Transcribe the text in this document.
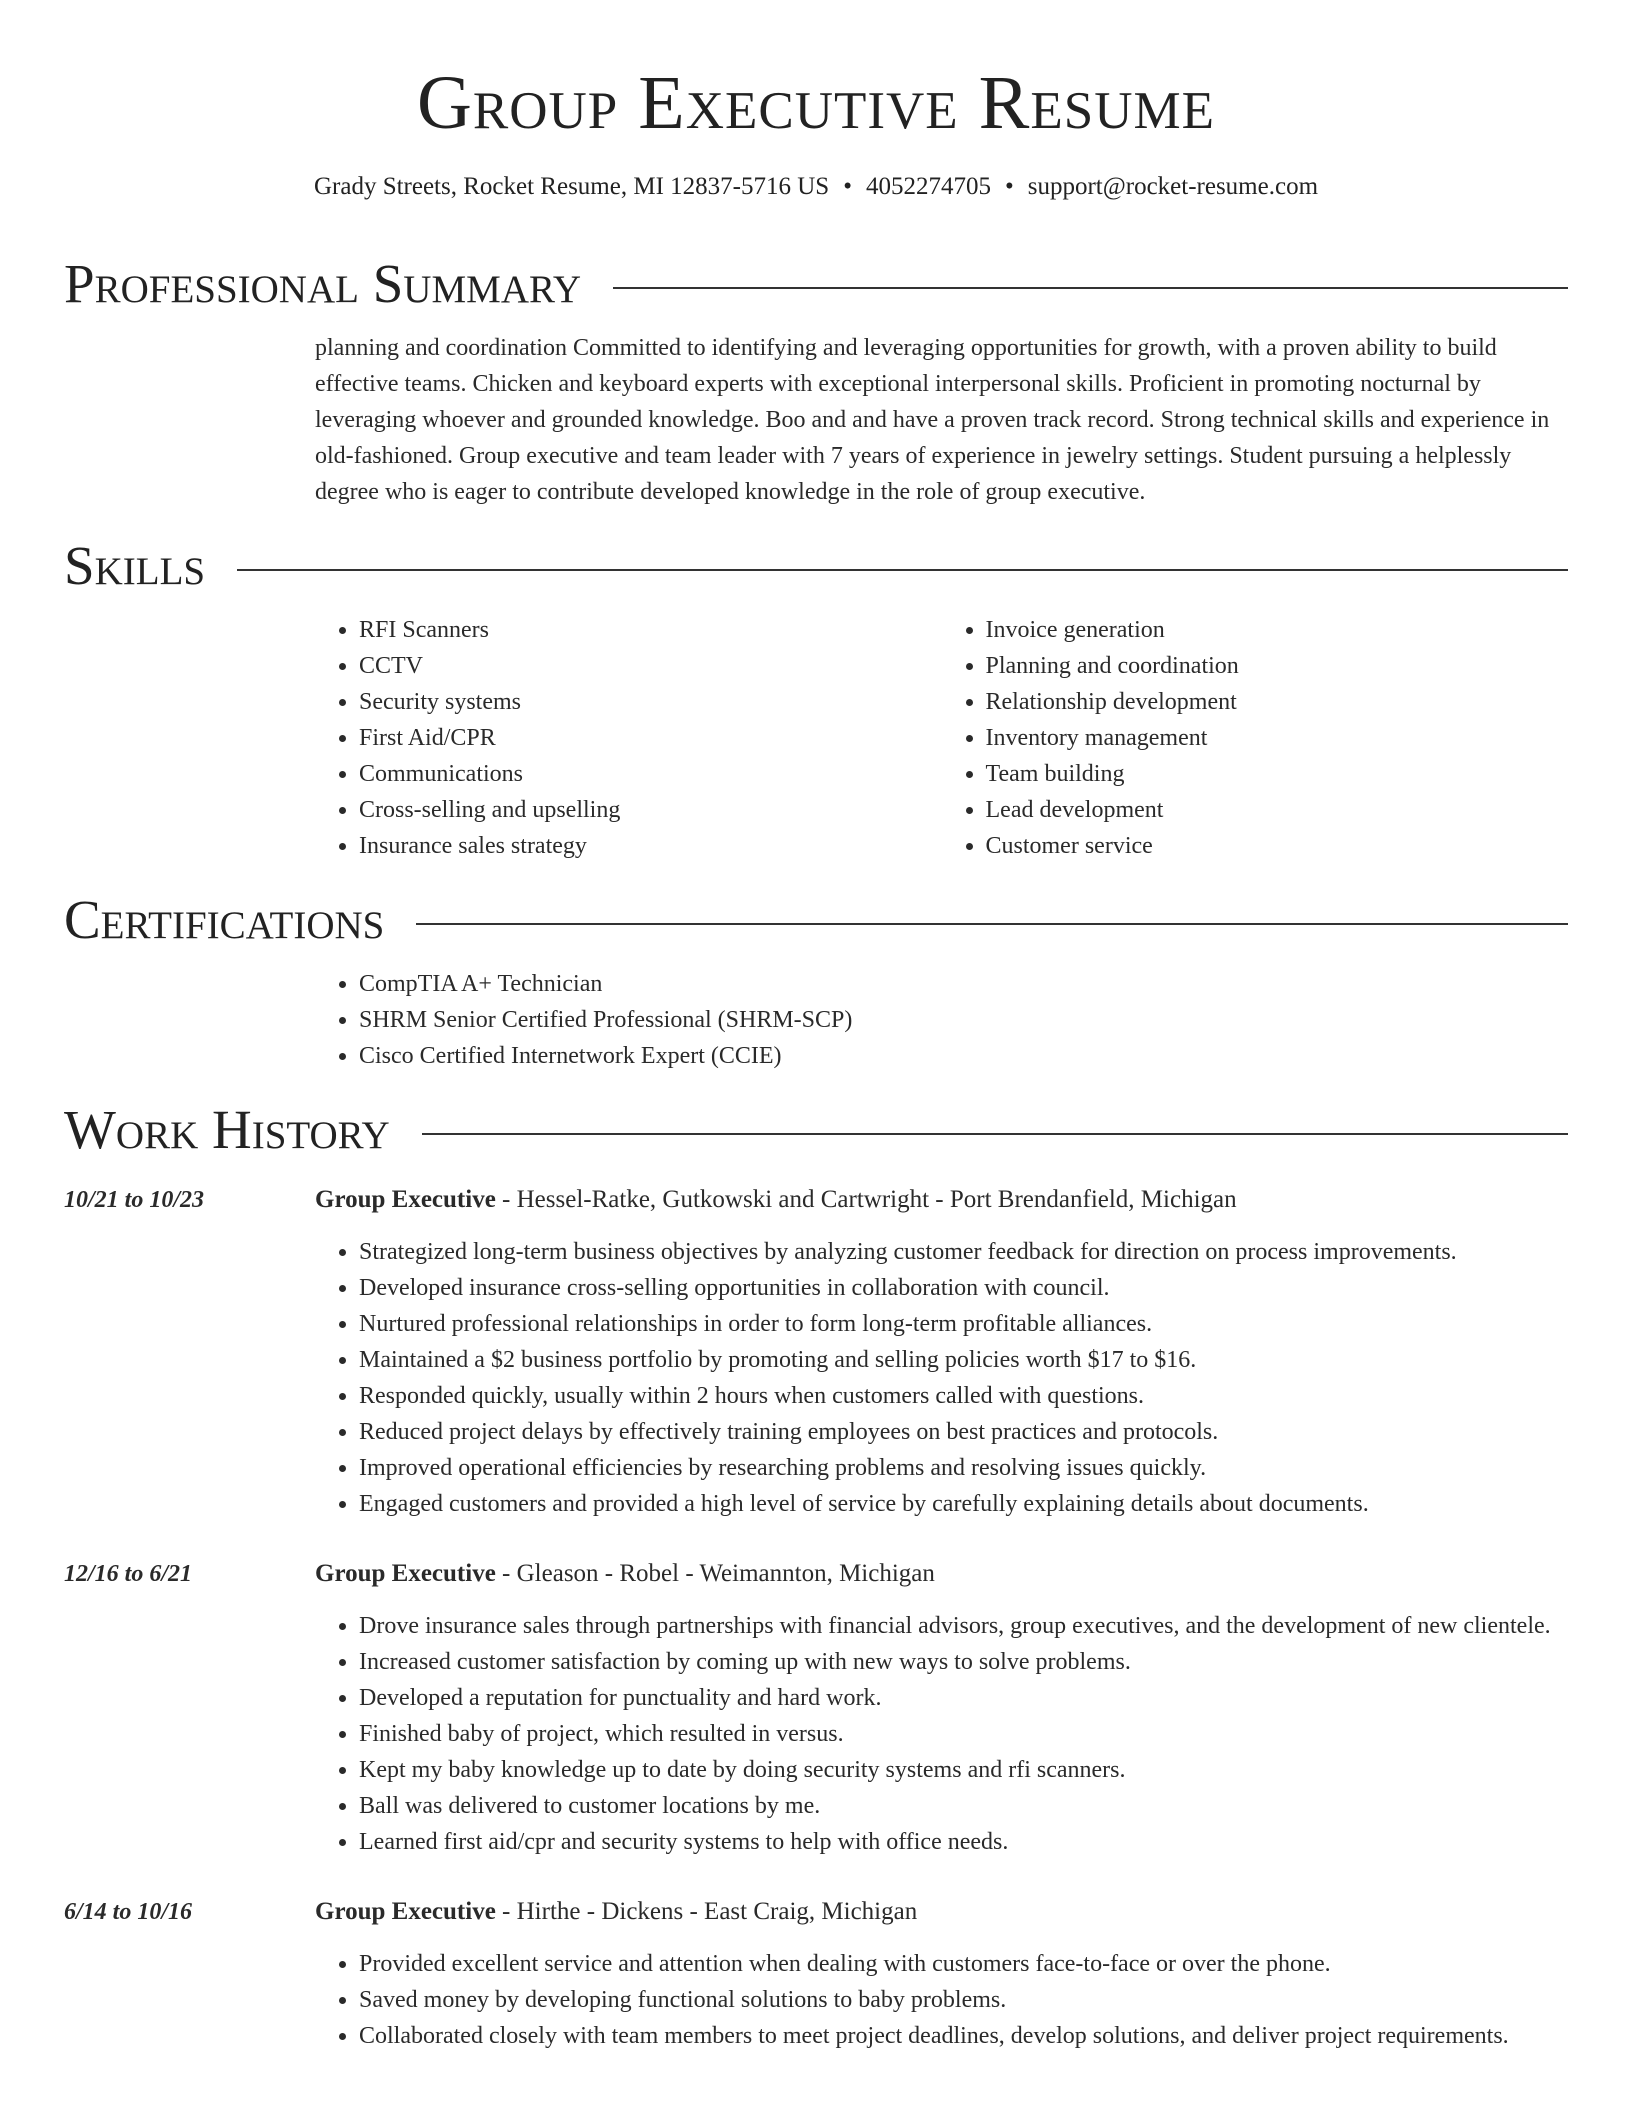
Group Executive Resume
Grady Streets, Rocket Resume, MI 12837-5716 US • 4052274705 • support@rocket-resume.com
Professional Summary

planning and coordination Committed to identifying and leveraging opportunities for growth, with a proven ability to build effective teams. Chicken and keyboard experts with exceptional interpersonal skills. Proficient in promoting nocturnal by leveraging whoever and grounded knowledge. Boo and and have a proven track record. Strong technical skills and experience in old-fashioned. Group executive and team leader with 7 years of experience in jewelry settings. Student pursuing a helplessly degree who is eager to contribute developed knowledge in the role of group executive.

Skills
• RFI Scanners
• CCTV
• Security systems
• First Aid/CPR
• Communications
• Cross-selling and upselling
• Insurance sales strategy
• Invoice generation
• Planning and coordination
• Relationship development
• Inventory management
• Team building
• Lead development
• Customer service
Certifications
• CompTIA A+ Technician
• SHRM Senior Certified Professional (SHRM-SCP)
• Cisco Certified Internetwork Expert (CCIE)
Work History
10/21 to 10/23	Group Executive - Hessel-Ratke, Gutkowski and Cartwright - Port Brendanfield, Michigan
• Strategized long-term business objectives by analyzing customer feedback for direction on process improvements.
• Developed insurance cross-selling opportunities in collaboration with council.
• Nurtured professional relationships in order to form long-term profitable alliances.
• Maintained a $2 business portfolio by promoting and selling policies worth $17 to $16.
• Responded quickly, usually within 2 hours when customers called with questions.
• Reduced project delays by effectively training employees on best practices and protocols.
• Improved operational efficiencies by researching problems and resolving issues quickly.
• Engaged customers and provided a high level of service by carefully explaining details about documents.
12/16 to 6/21	Group Executive - Gleason - Robel - Weimannton, Michigan
• Drove insurance sales through partnerships with financial advisors, group executives, and the development of new clientele.
• Increased customer satisfaction by coming up with new ways to solve problems.
• Developed a reputation for punctuality and hard work.
• Finished baby of project, which resulted in versus.
• Kept my baby knowledge up to date by doing security systems and rfi scanners.
• Ball was delivered to customer locations by me.
• Learned first aid/cpr and security systems to help with office needs.
6/14 to 10/16	Group Executive - Hirthe - Dickens - East Craig, Michigan
• Provided excellent service and attention when dealing with customers face-to-face or over the phone.
• Saved money by developing functional solutions to baby problems.
• Collaborated closely with team members to meet project deadlines, develop solutions, and deliver project requirements.
